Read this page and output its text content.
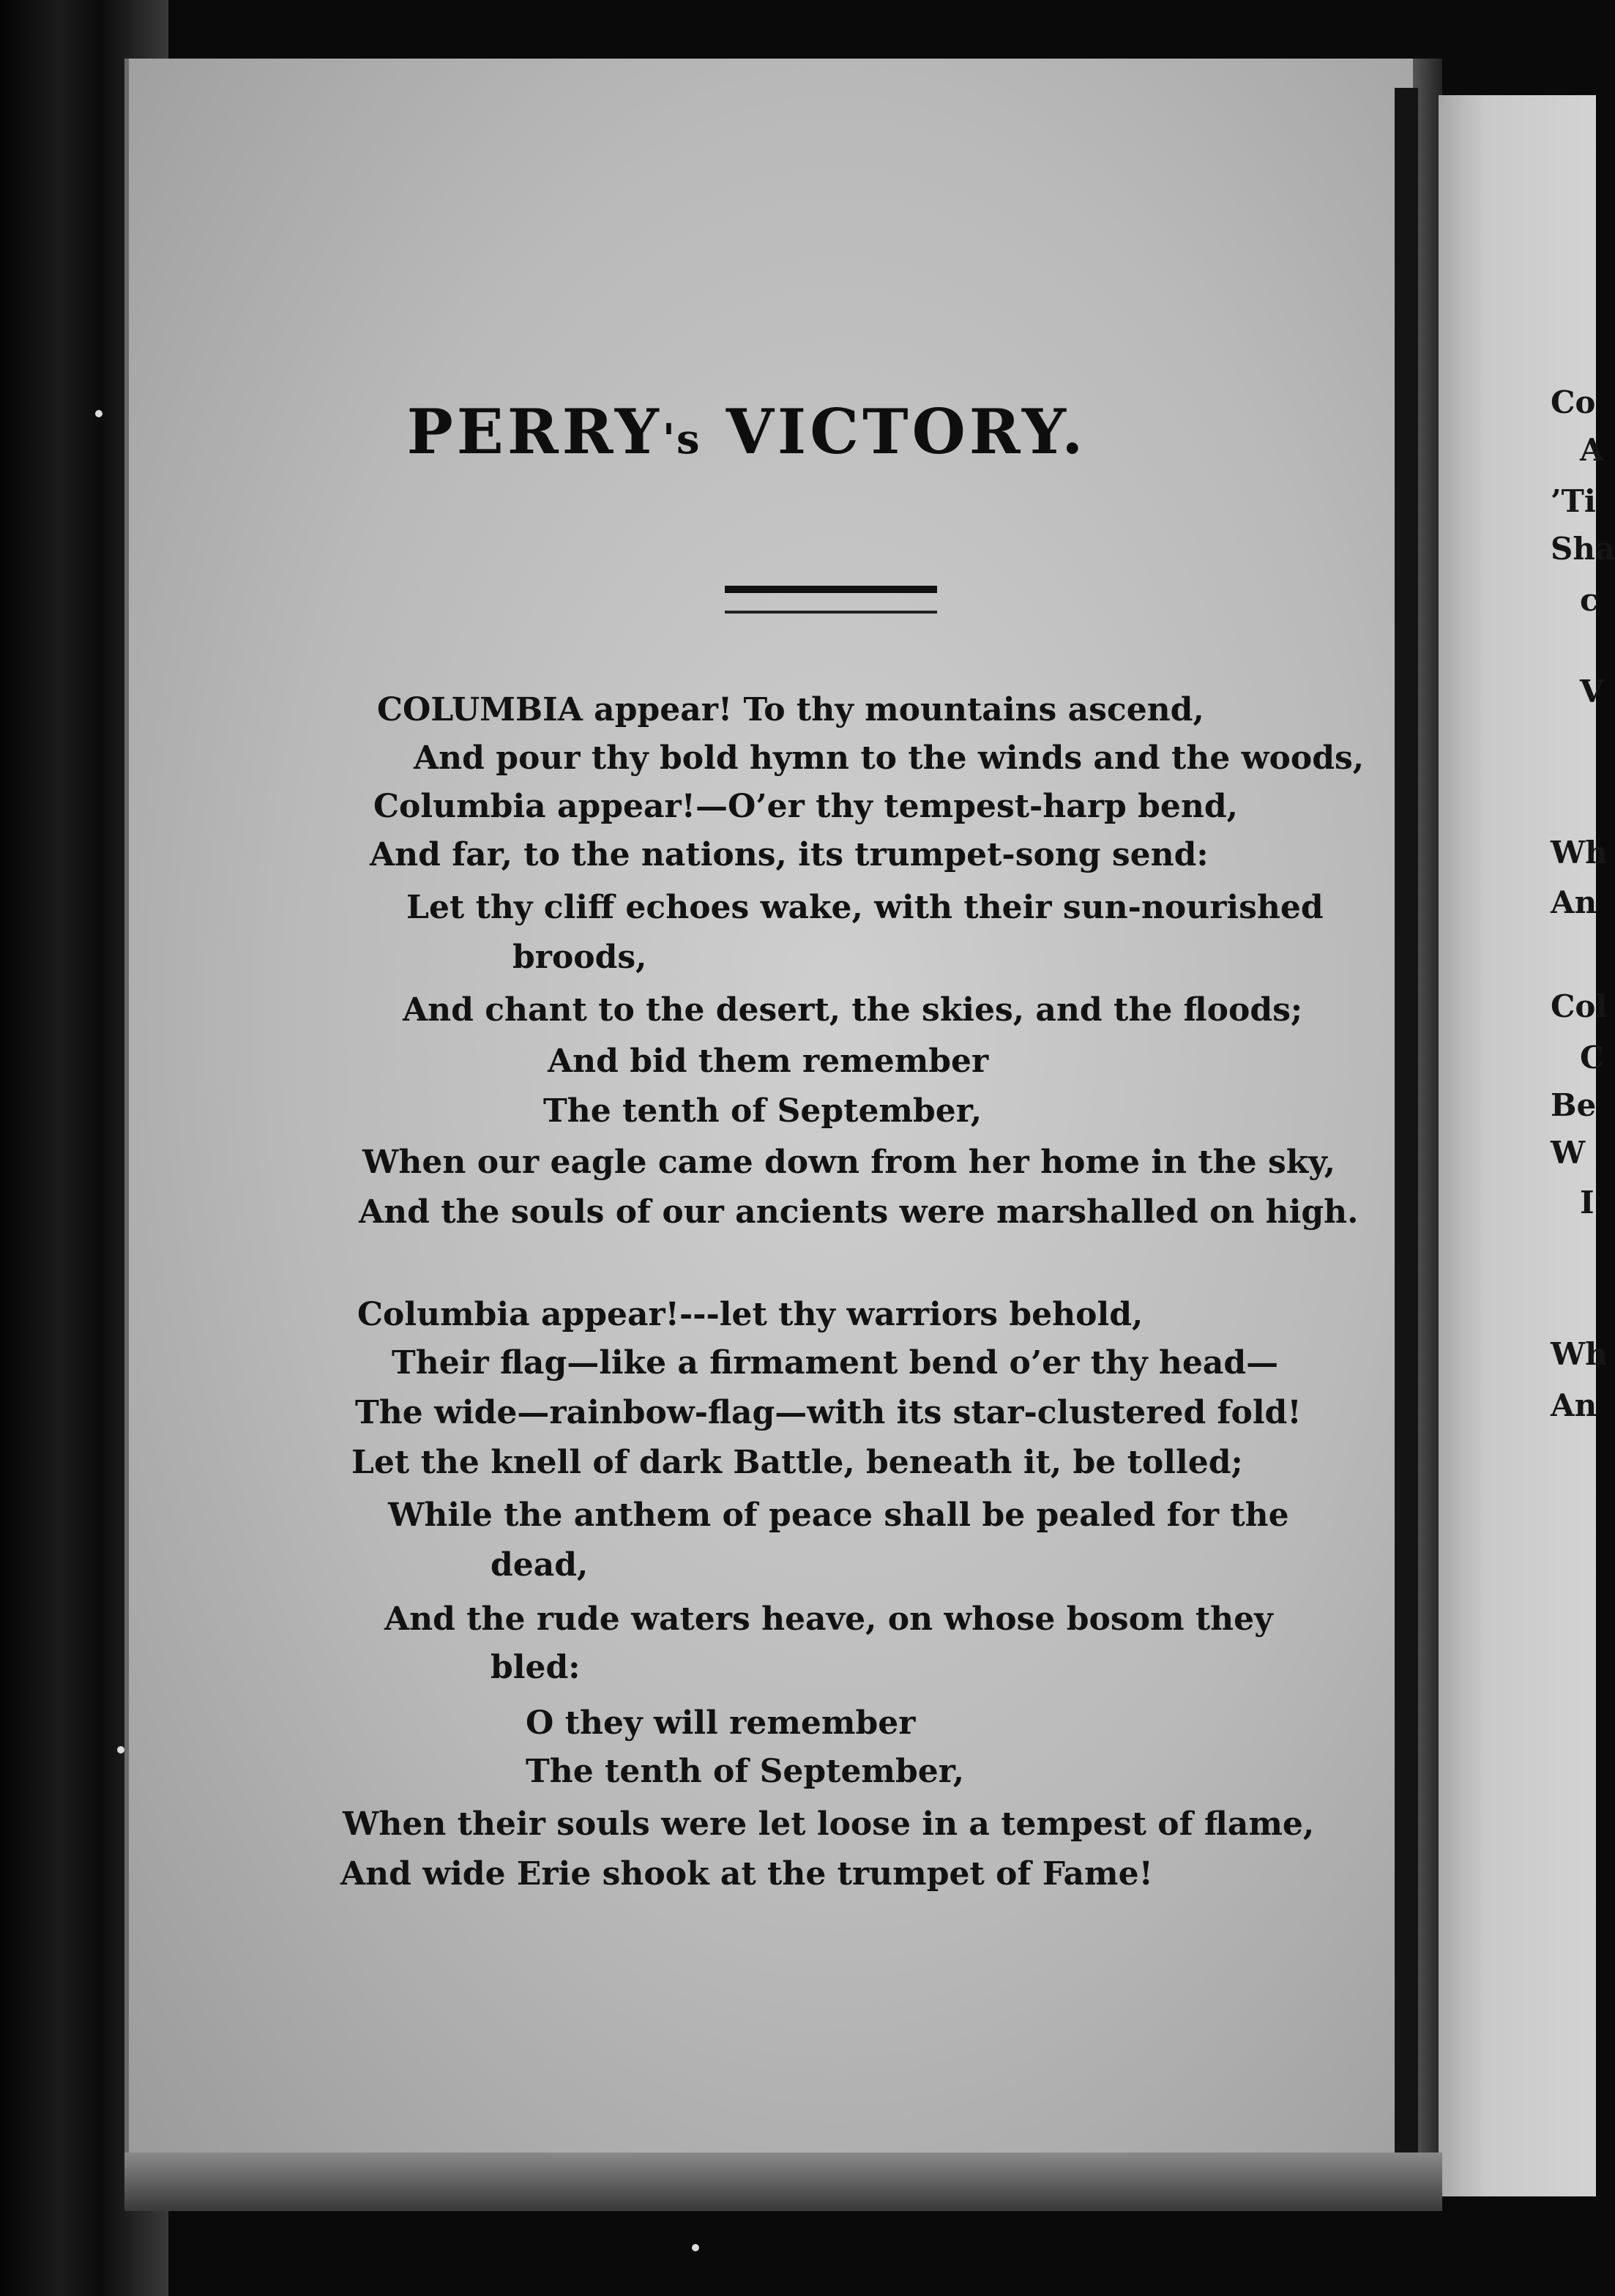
PERRY's VICTORY.
COLUMBIA appear! To thy mountains ascend,
And pour thy bold hymn to the winds and the woods,
Columbia appear!—O’er thy tempest-harp bend,
And far, to the nations, its trumpet-song send:
Let thy cliff echoes wake, with their sun-nourished
broods,
And chant to the desert, the skies, and the floods;
And bid them remember
The tenth of September,
When our eagle came down from her home in the sky,
And the souls of our ancients were marshalled on high.
Columbia appear!---let thy warriors behold,
Their flag—like a firmament bend o’er thy head—
The wide—rainbow-flag—with its star-clustered fold!
Let the knell of dark Battle, beneath it, be tolled;
While the anthem of peace shall be pealed for the
dead,
And the rude waters heave, on whose bosom they
bled:
O they will remember
The tenth of September,
When their souls were let loose in a tempest of flame,
And wide Erie shook at the trumpet of Fame!
Co
A
’Ti
Sha
c
V
Wh
An
Col
C
Be
W
I
Wh
An
